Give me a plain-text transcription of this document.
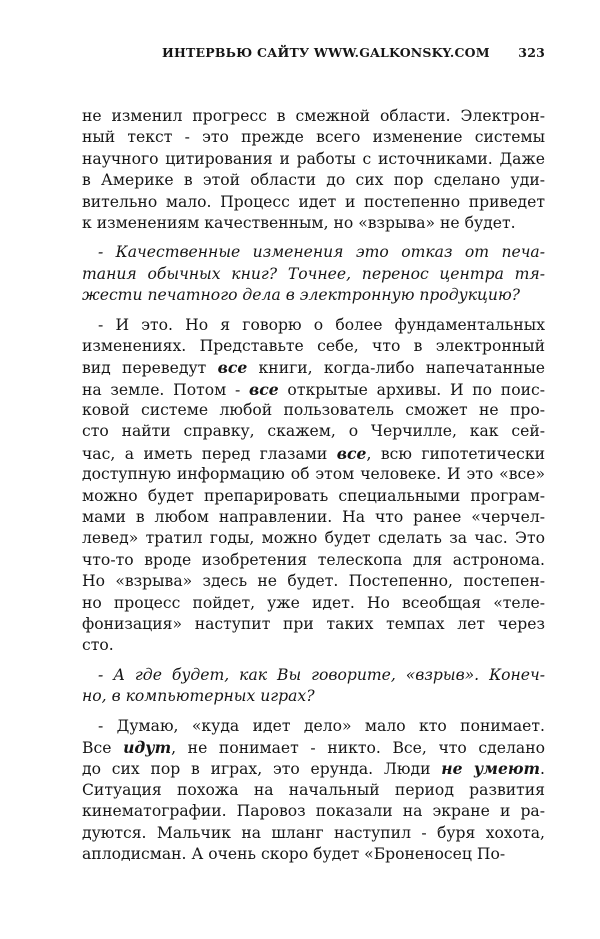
ИНТЕРВЬЮ САЙТУ WWW.GALKONSKY.COM 323
не изменил прогресс в смежной области. Электрон-
ный текст - это прежде всего изменение системы
научного цитирования и работы с источниками. Даже
в Америке в этой области до сих пор сделано уди-
вительно мало. Процесс идет и постепенно приведет
к изменениям качественным, но «взрыва» не будет.
- Качественные изменения это отказ от печа-
тания обычных книг? Точнее, перенос центра тя-
жести печатного дела в электронную продукцию?
- И это. Но я говорю о более фундаментальных
изменениях. Представьте себе, что в электронный
вид переведут все книги, когда-либо напечатанные
на земле. Потом - все открытые архивы. И по поис-
ковой системе любой пользователь сможет не про-
сто найти справку, скажем, о Черчилле, как сей-
час, а иметь перед глазами все, всю гипотетически
доступную информацию об этом человеке. И это «все»
можно будет препарировать специальными програм-
мами в любом направлении. На что ранее «черчел-
левед» тратил годы, можно будет сделать за час. Это
что-то вроде изобретения телескопа для астронома.
Но «взрыва» здесь не будет. Постепенно, постепен-
но процесс пойдет, уже идет. Но всеобщая «теле-
фонизация» наступит при таких темпах лет через
сто.
- А где будет, как Вы говорите, «взрыв». Конеч-
но, в компьютерных играх?
- Думаю, «куда идет дело» мало кто понимает.
Все идут, не понимает - никто. Все, что сделано
до сих пор в играх, это ерунда. Люди не умеют.
Ситуация похожа на начальный период развития
кинематографии. Паровоз показали на экране и ра-
дуются. Мальчик на шланг наступил - буря хохота,
аплодисман. А очень скоро будет «Броненосец По-
